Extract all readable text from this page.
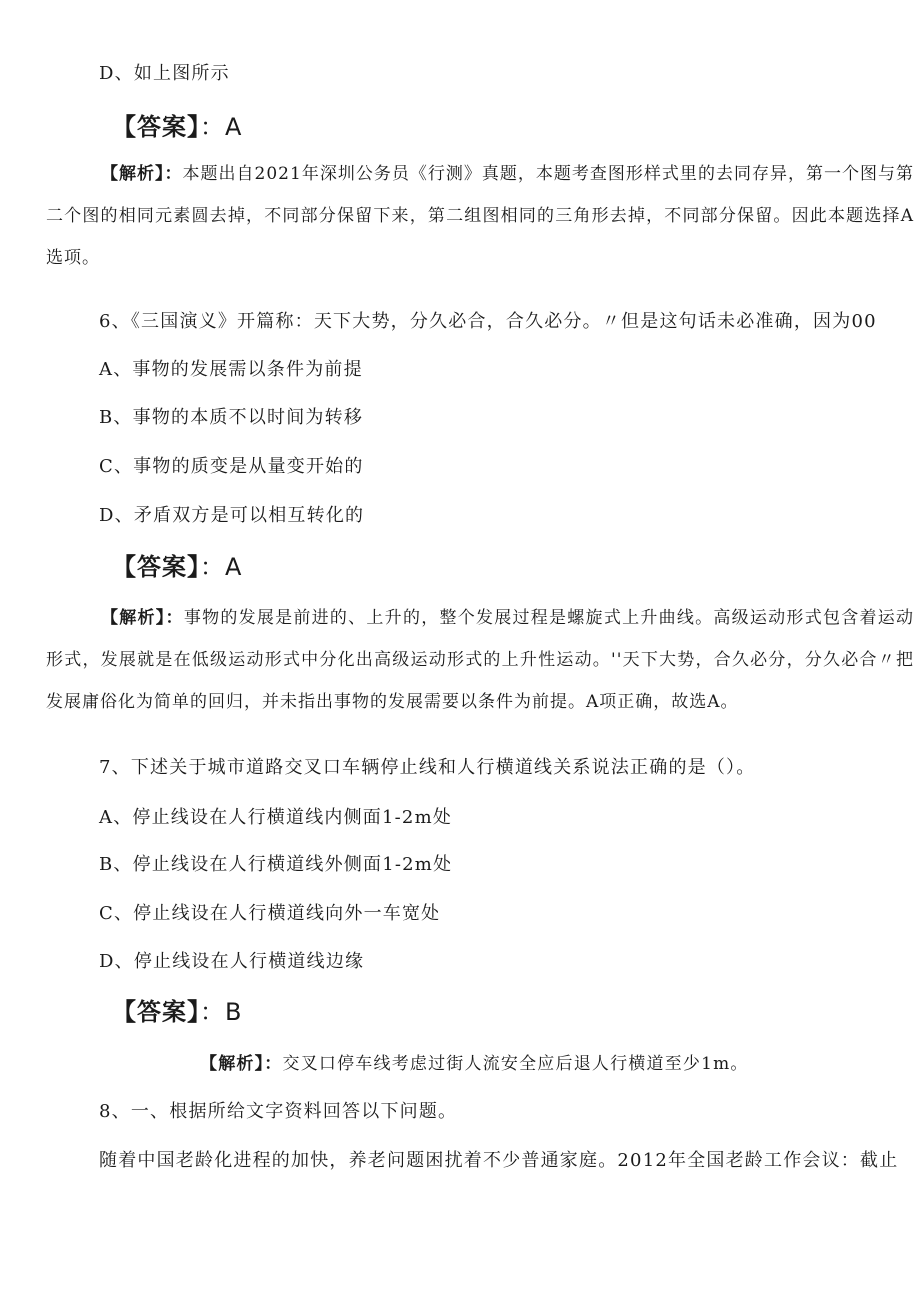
D、如上图所示
【答案】：A
【解析】：本题出自2021年深圳公务员《行测》真题，本题考查图形样式里的去同存异，第一个图与第二个图的相同元素圆去掉，不同部分保留下来，第二组图相同的三角形去掉，不同部分保留。因此本题选择A选项。
6、《三国演义》开篇称：天下大势，分久必合，合久必分。〃但是这句话未必准确，因为00
A、事物的发展需以条件为前提
B、事物的本质不以时间为转移
C、事物的质变是从量变开始的
D、矛盾双方是可以相互转化的
【答案】：A
【解析】：事物的发展是前进的、上升的，整个发展过程是螺旋式上升曲线。高级运动形式包含着运动形式，发展就是在低级运动形式中分化出高级运动形式的上升性运动。''天下大势，合久必分，分久必合〃把发展庸俗化为简单的回归，并未指出事物的发展需要以条件为前提。A项正确，故选A。
7、下述关于城市道路交叉口车辆停止线和人行横道线关系说法正确的是（）。
A、停止线设在人行横道线内侧面1-2m处
B、停止线设在人行横道线外侧面1-2m处
C、停止线设在人行横道线向外一车宽处
D、停止线设在人行横道线边缘
【答案】：B
【解析】：交叉口停车线考虑过街人流安全应后退人行横道至少1m。
8、一、根据所给文字资料回答以下问题。
随着中国老龄化进程的加快，养老问题困扰着不少普通家庭。2012年全国老龄工作会议：截止
